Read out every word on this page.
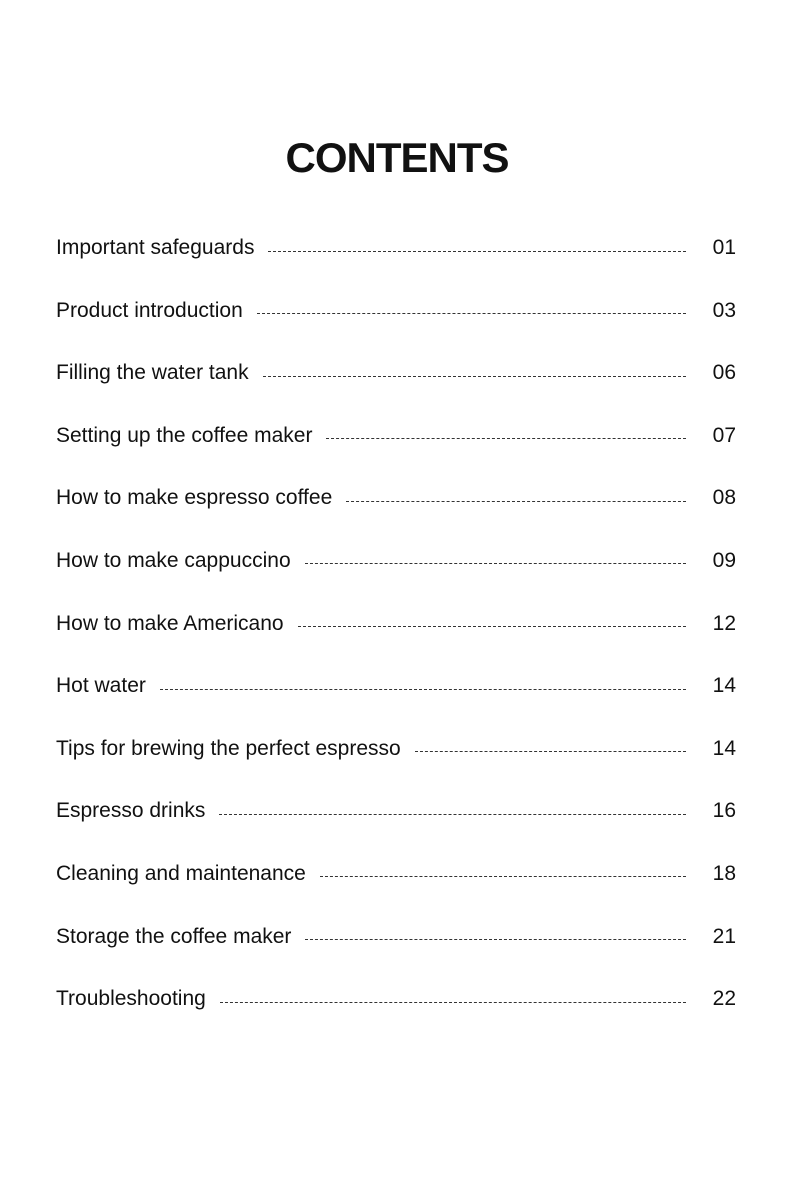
CONTENTS
Important safeguards	01
Product introduction	03
Filling the water tank	06
Setting up the coffee maker	07
How to make espresso coffee	08
How to make cappuccino	09
How to make Americano	12
Hot water	14
Tips for brewing the perfect espresso	14
Espresso drinks	16
Cleaning and maintenance	18
Storage the coffee maker	21
Troubleshooting	22
